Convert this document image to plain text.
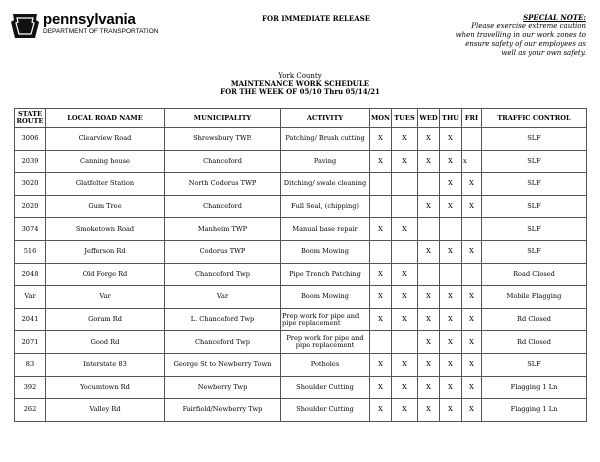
pennsylvania
DEPARTMENT OF TRANSPORTATION
FOR IMMEDIATE RELEASE	SPECIAL NOTE:
Please exercise extreme caution
when travelling in our work zones to
ensure safety of our employees as
well as your own safety.
York County
MAINTENANCE WORK SCHEDULE
FOR THE WEEK OF 05/10 Thru 05/14/21
STATE ROUTE	LOCAL ROAD NAME	MUNICIPALITY	ACTIVITY	MON	TUES	WED	THU	FRI	TRAFFIC CONTROL
3006	Clearview Road	Shrewsbury TWP.	Patching/ Brush cutting	X	X	X	X		SLF
2039	Canning house	Chanceford	Paving	X	X	X	X	x	SLF
3020	Glatfelter Station	North Codorus TWP	Ditching/ swale cleaning				X	X	SLF
2020	Gum Tree	Chanceford	Full Seal, (chipping)			X	X	X	SLF
3074	Smoketown Road	Manheim TWP	Manual base repair	X	X				SLF
516	Jefferson Rd	Codorus TWP	Boom Mowing			X	X	X	SLF
2048	Old Forge Rd	Chanceford Twp	Pipe Trench Patching	X	X				Road Closed
Var	Var	Var	Boom Mowing	X	X	X	X	X	Mobile Flagging
2041	Goram Rd	L. Chanceford Twp	Prep work for pipe and pipe replacement	X	X	X	X	X	Rd Closed
2071	Good Rd	Chanceford Twp	Prep work for pipe and pipe replacement			X	X	X	Rd Closed
83	Interstate 83	George St to Newberry Town	Potholes	X	X	X	X	X	SLF
392	Yocumtown Rd	Newberry Twp	Shoulder Cutting	X	X	X	X	X	Flagging 1 Ln
262	Valley Rd	Fairfield/Newberry Twp	Shoulder Cutting	X	X	X	X	X	Flagging 1 Ln
